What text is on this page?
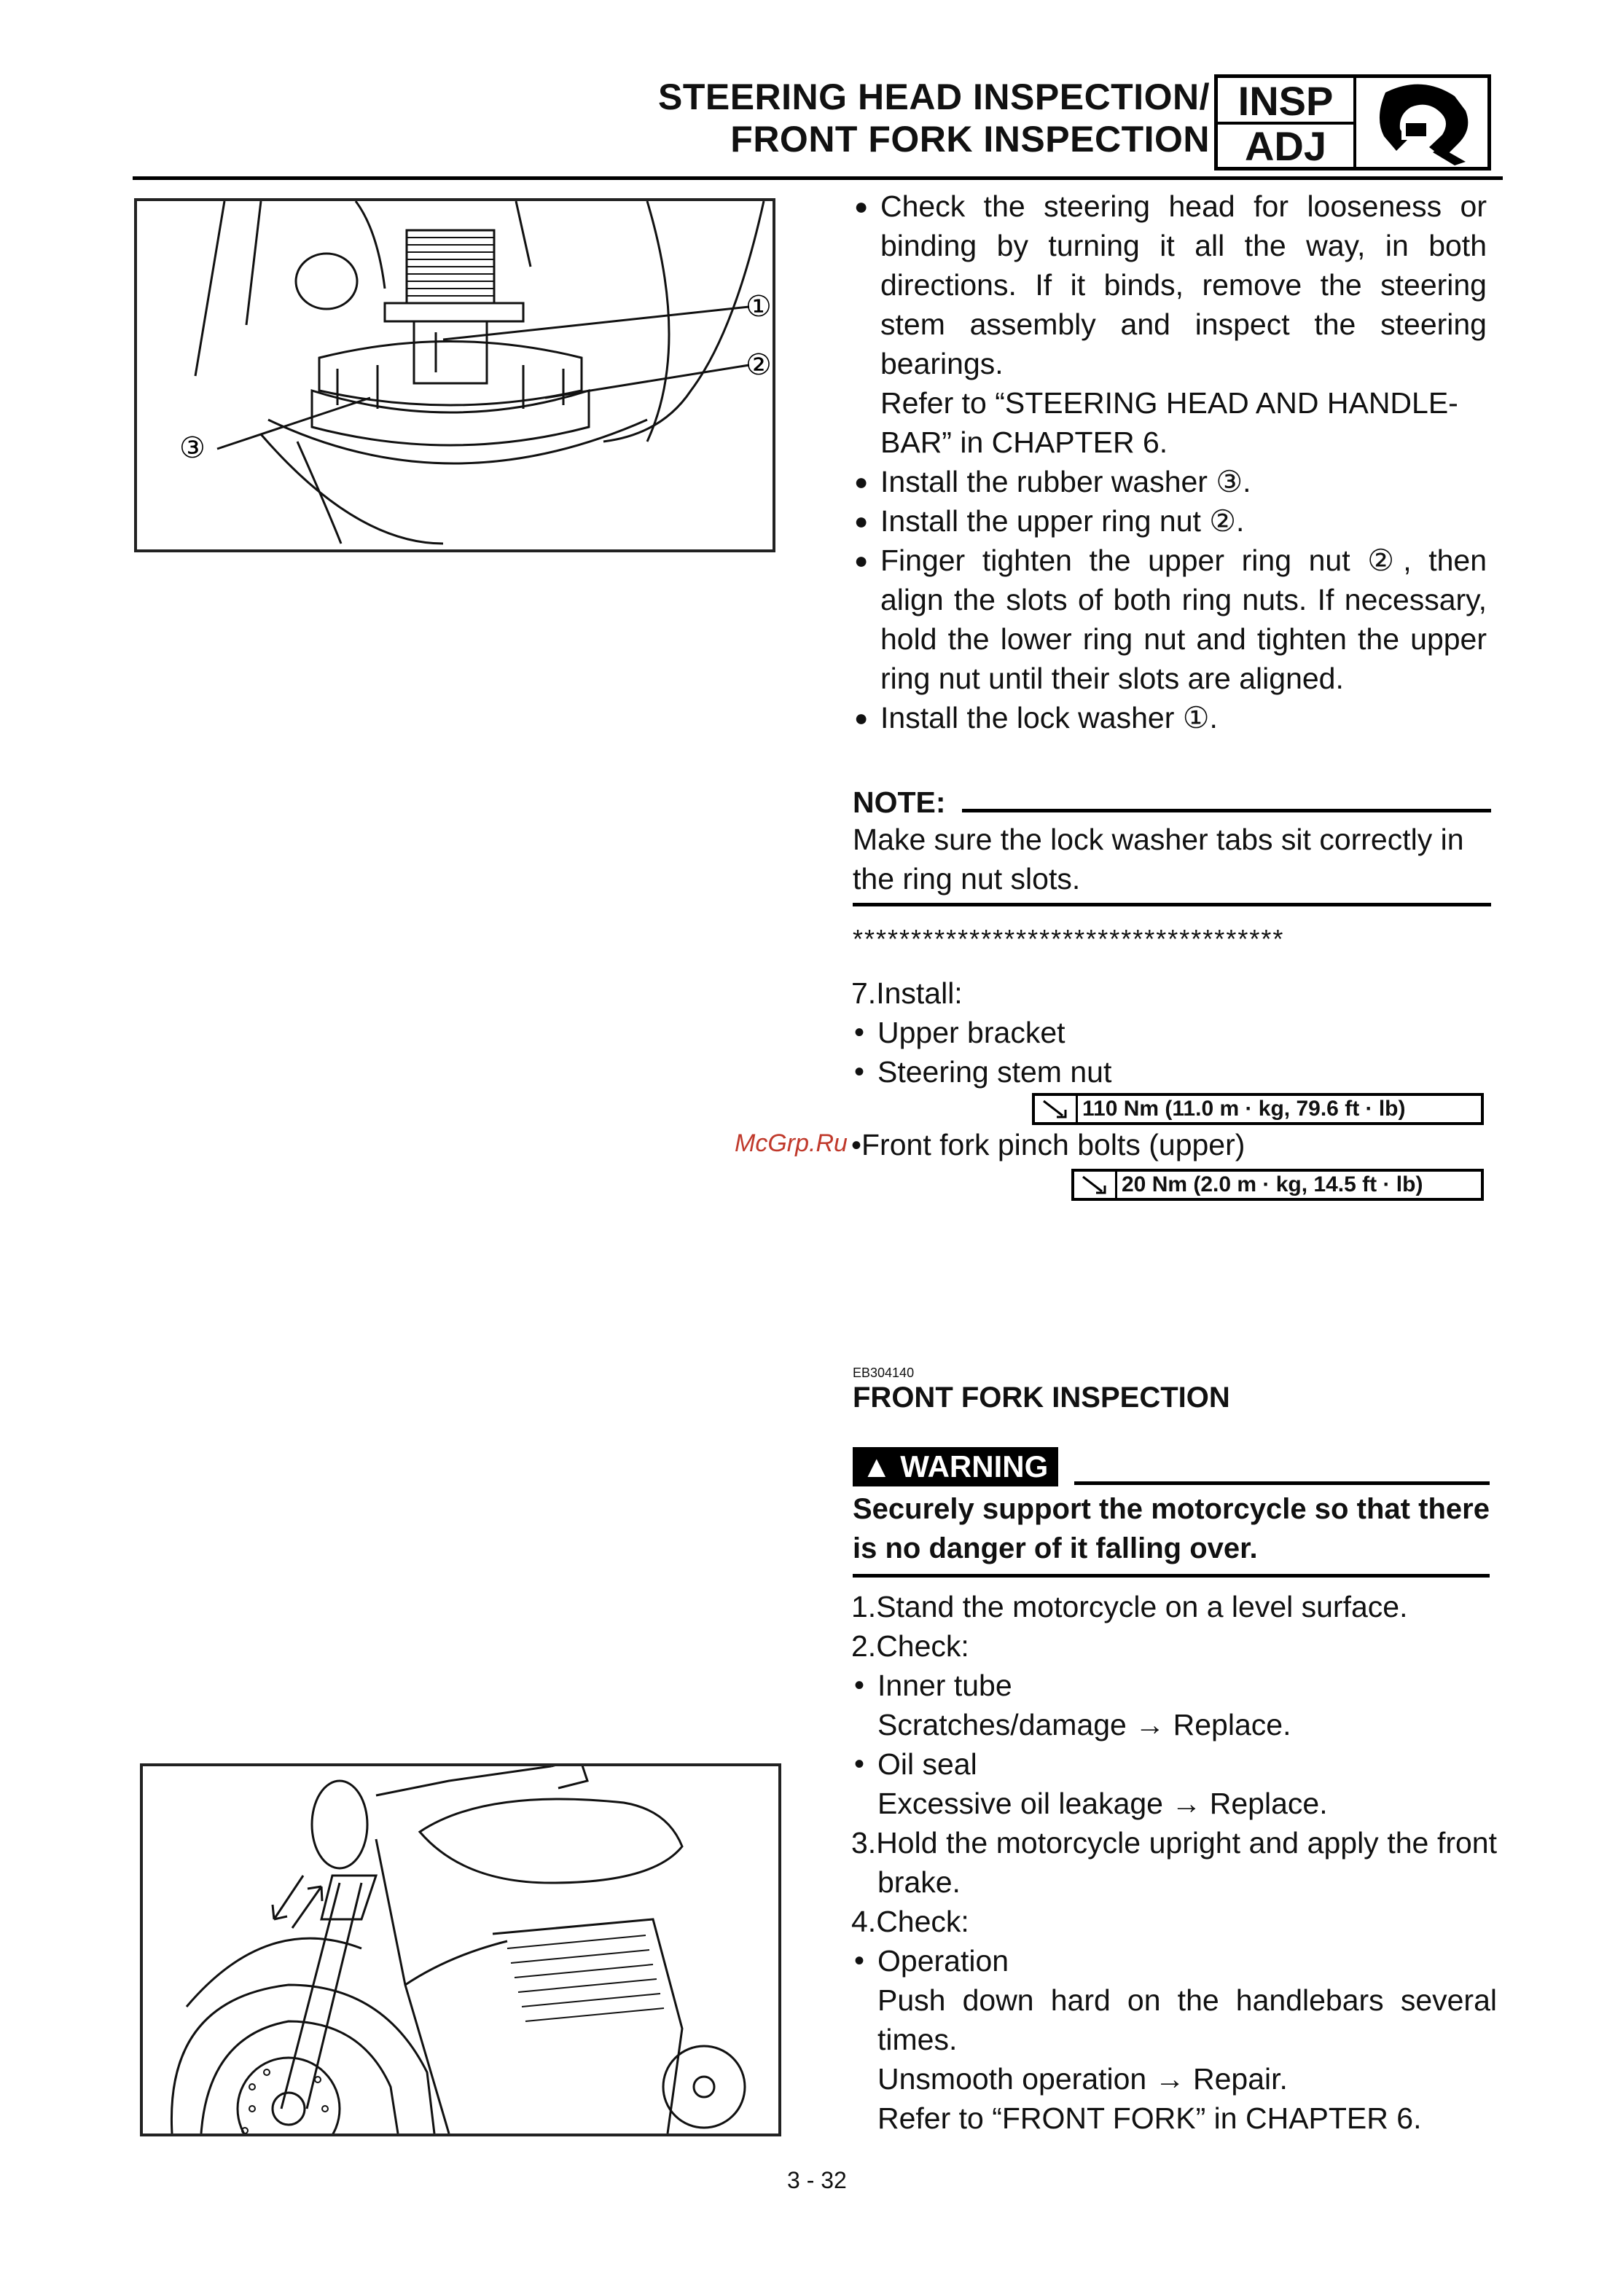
STEERING HEAD INSPECTION/
FRONT FORK INSPECTION
INSP
ADJ
①
②
③
● Check the steering head for looseness or binding by turning it all the way, in both directions. If it binds, remove the steering stem assembly and inspect the steering bearings.
Refer to “STEERING HEAD AND HANDLE-BAR” in CHAPTER 6.
● Install the rubber washer ③.
● Install the upper ring nut ②.
● Finger tighten the upper ring nut ②, then align the slots of both ring nuts. If necessary, hold the lower ring nut and tighten the upper ring nut until their slots are aligned.
● Install the lock washer ①.
NOTE:
Make sure the lock washer tabs sit correctly in the ring nut slots.
*************************************
7.Install:
• Upper bracket
• Steering stem nut
110 Nm (11.0 m · kg, 79.6 ft · lb)
•Front fork pinch bolts (upper)
McGrp.Ru
20 Nm (2.0 m · kg, 14.5 ft · lb)
EB304140
FRONT FORK INSPECTION
▲ WARNING
Securely support the motorcycle so that there is no danger of it falling over.
1.Stand the motorcycle on a level surface.
2.Check:
• Inner tube
Scratches/damage → Replace.
• Oil seal
Excessive oil leakage → Replace.
3.Hold the motorcycle upright and apply the front brake.
4.Check:
• Operation
Push down hard on the handlebars several times.
Unsmooth operation → Repair.
Refer to “FRONT FORK” in CHAPTER 6.
3 - 32
